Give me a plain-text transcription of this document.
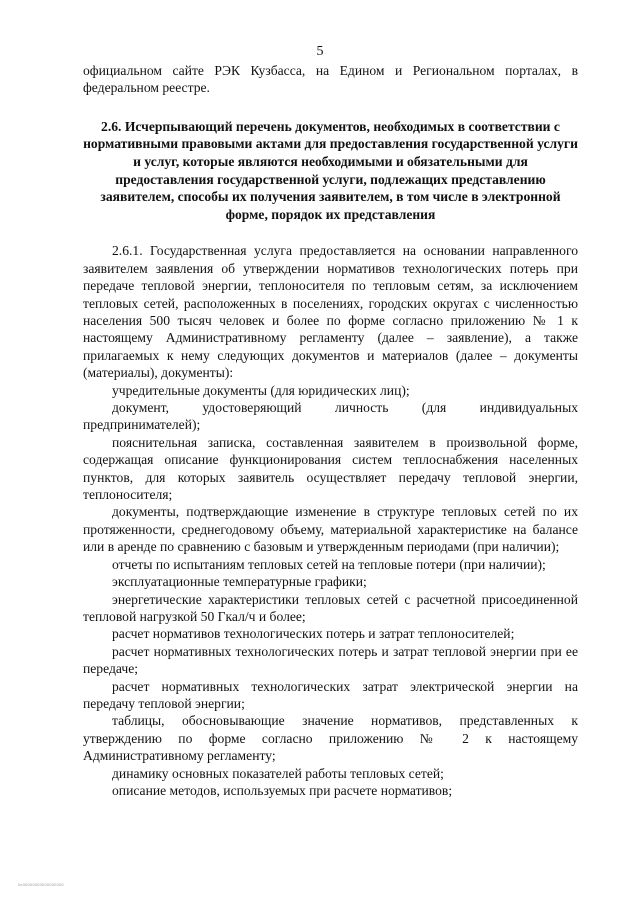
5

официальном сайте РЭК Кузбасса, на Едином и Региональном порталах, в федеральном реестре.

2.6. Исчерпывающий перечень документов, необходимых в соответствии с нормативными правовыми актами для предоставления государственной услуги и услуг, которые являются необходимыми и обязательными для предоставления государственной услуги, подлежащих представлению заявителем, способы их получения заявителем, в том числе в электронной форме, порядок их представления

2.6.1. Государственная услуга предоставляется на основании направленного заявителем заявления об утверждении нормативов технологических потерь при передаче тепловой энергии, теплоносителя по тепловым сетям, за исключением тепловых сетей, расположенных в поселениях, городских округах с численностью населения 500 тысяч человек и более по форме согласно приложению № 1 к настоящему Административному регламенту (далее – заявление), а также прилагаемых к нему следующих документов и материалов (далее – документы (материалы), документы):

учредительные документы (для юридических лиц);

документ, удостоверяющий личность (для индивидуальных предпринимателей);

пояснительная записка, составленная заявителем в произвольной форме, содержащая описание функционирования систем теплоснабжения населенных пунктов, для которых заявитель осуществляет передачу тепловой энергии, теплоносителя;

документы, подтверждающие изменение в структуре тепловых сетей по их протяженности, среднегодовому объему, материальной характеристике на балансе или в аренде по сравнению с базовым и утвержденным периодами (при наличии);

отчеты по испытаниям тепловых сетей на тепловые потери (при наличии);

эксплуатационные температурные графики;

энергетические характеристики тепловых сетей с расчетной присоединенной тепловой нагрузкой 50 Гкал/ч и более;

расчет нормативов технологических потерь и затрат теплоносителей;

расчет нормативных технологических потерь и затрат тепловой энергии при ее передаче;

расчет нормативных технологических затрат электрической энергии на передачу тепловой энергии;

таблицы, обосновывающие значение нормативов, представленных к утверждению по форме согласно приложению № 2 к настоящему Административному регламенту;

динамику основных показателей работы тепловых сетей;

описание методов, используемых при расчете нормативов;

0x00000000000000000
